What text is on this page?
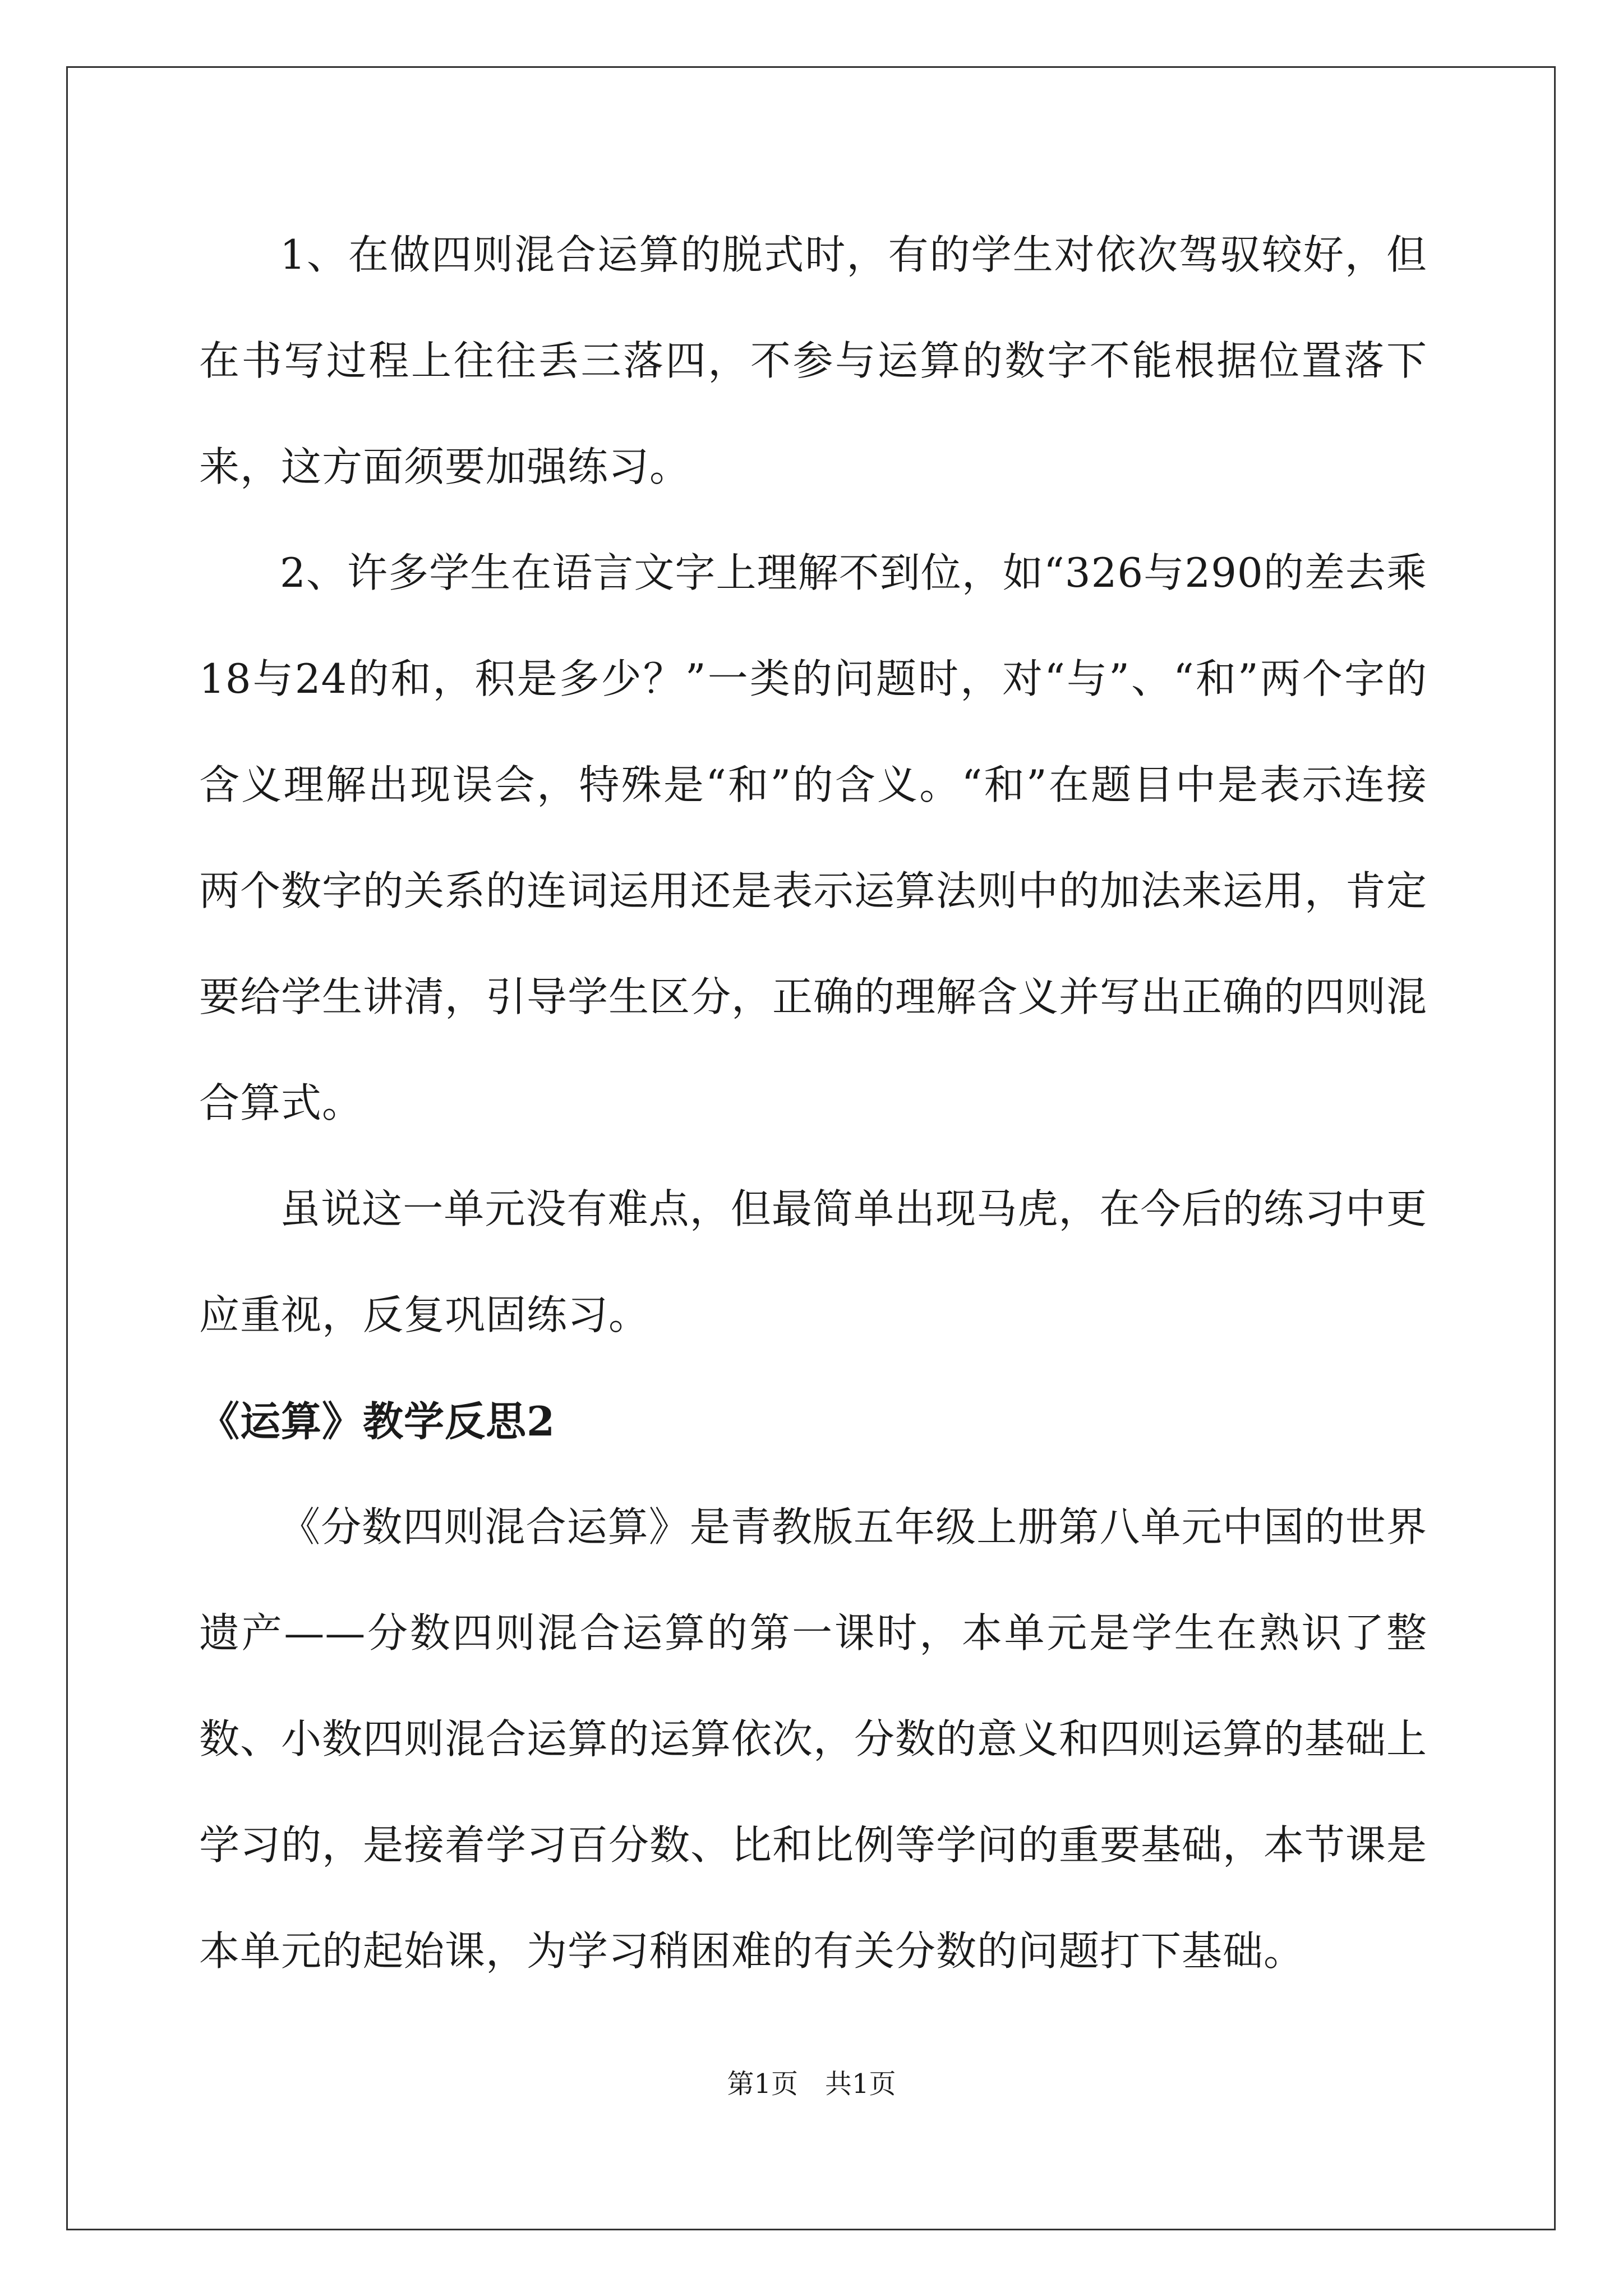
1、在做四则混合运算的脱式时，有的学生对依次驾驭较好，但在书写过程上往往丢三落四，不参与运算的数字不能根据位置落下来，这方面须要加强练习。

2、许多学生在语言文字上理解不到位，如“326与290的差去乘18与24的和，积是多少？”一类的问题时，对“与”、“和”两个字的含义理解出现误会，特殊是“和”的含义。“和”在题目中是表示连接两个数字的关系的连词运用还是表示运算法则中的加法来运用，肯定要给学生讲清，引导学生区分，正确的理解含义并写出正确的四则混合算式。

虽说这一单元没有难点，但最简单出现马虎，在今后的练习中更应重视，反复巩固练习。

《运算》教学反思2

《分数四则混合运算》是青教版五年级上册第八单元中国的世界遗产——分数四则混合运算的第一课时，本单元是学生在熟识了整数、小数四则混合运算的运算依次，分数的意义和四则运算的基础上学习的，是接着学习百分数、比和比例等学问的重要基础，本节课是本单元的起始课，为学习稍困难的有关分数的问题打下基础。

第1页 共1页
